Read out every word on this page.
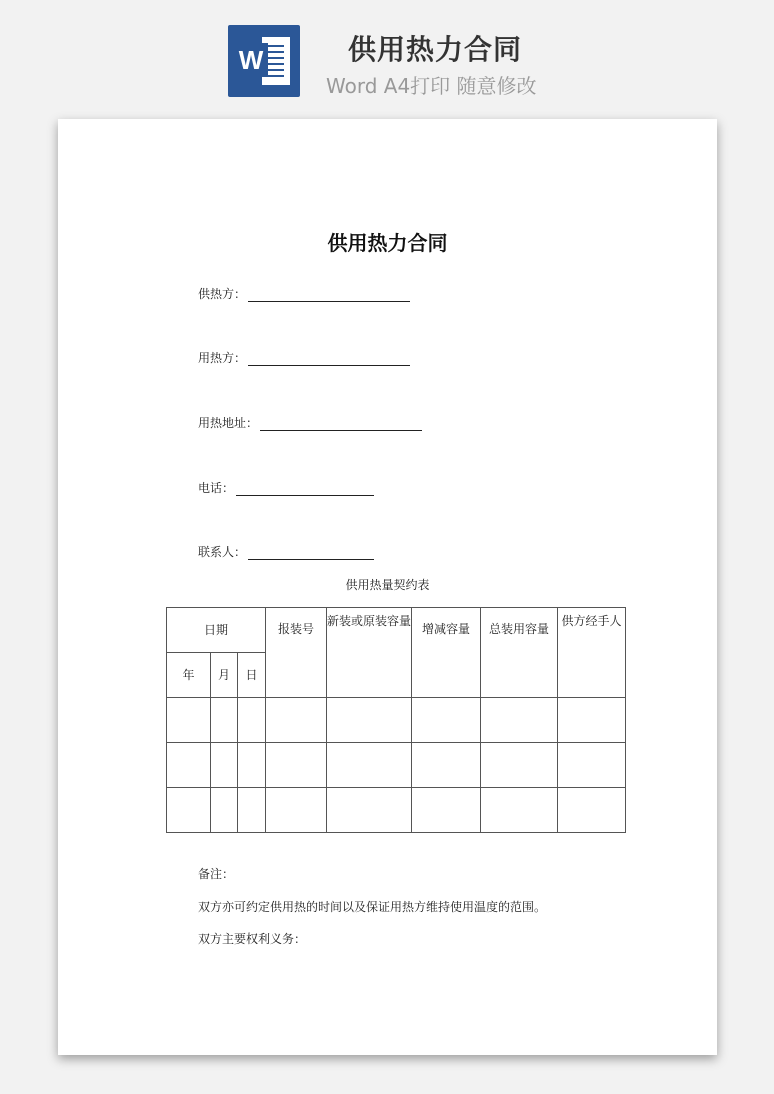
W	供用热力合同
Word A4打印 随意修改
供用热力合同
供热方：
用热方：
用热地址：
电话：
联系人：
供用热量契约表
日期			报装号	新装或原装容量	增减容量	总装用容量	供方经手人
年	月	日					

备注：
双方亦可约定供用热的时间以及保证用热方维持使用温度的范围。
双方主要权利义务：
